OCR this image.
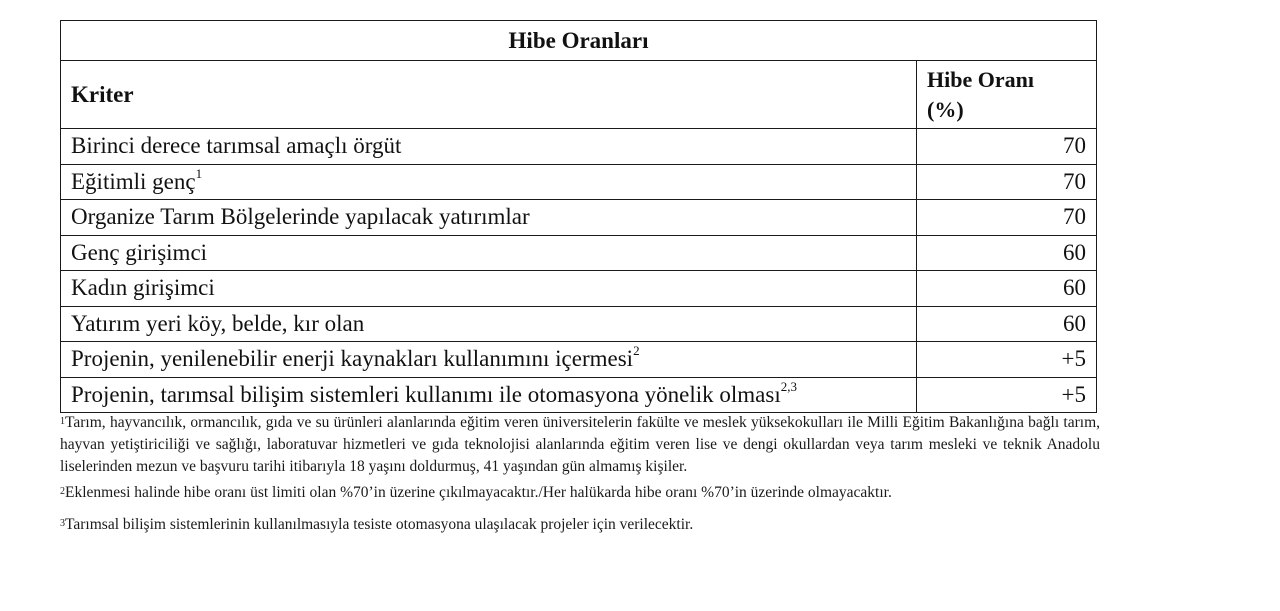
Hibe Oranları	
Kriter	Hibe Oranı
(%)

Birinci derece tarımsal amaçlı örgüt	70
Eğitimli genç$^1$	70
Organize Tarım Bölgelerinde yapılacak yatırımlar	70
Genç girişimci	60
Kadın girişimci	60
Yatırım yeri köy, belde, kır olan	60
Projenin, yenilenebilir enerji kaynakları kullanımını içermesi$^2$	+5
Projenin, tarımsal bilişim sistemleri kullanımı ile otomasyona yönelik olması$^{2,3}$	+5

$^1$Tarım, hayvancılık, ormancılık, gıda ve su ürünleri alanlarında eğitim veren üniversitelerin fakülte ve meslek yüksekokulları ile Milli Eğitim Bakanlığına bağlı tarım, hayvan yetiştiriciliği ve sağlığı, laboratuvar hizmetleri ve gıda teknolojisi alanlarında eğitim veren lise ve dengi okullardan veya tarım mesleki ve teknik Anadolu liselerinden mezun ve başvuru tarihi itibarıyla 18 yaşını doldurmuş, 41 yaşından gün almamış kişiler.

$^2$Eklenmesi halinde hibe oranı üst limiti olan %70’in üzerine çıkılmayacaktır./Her halükarda hibe oranı %70’in üzerinde olmayacaktır.

$^3$Tarımsal bilişim sistemlerinin kullanılmasıyla tesiste otomasyona ulaşılacak projeler için verilecektir.
